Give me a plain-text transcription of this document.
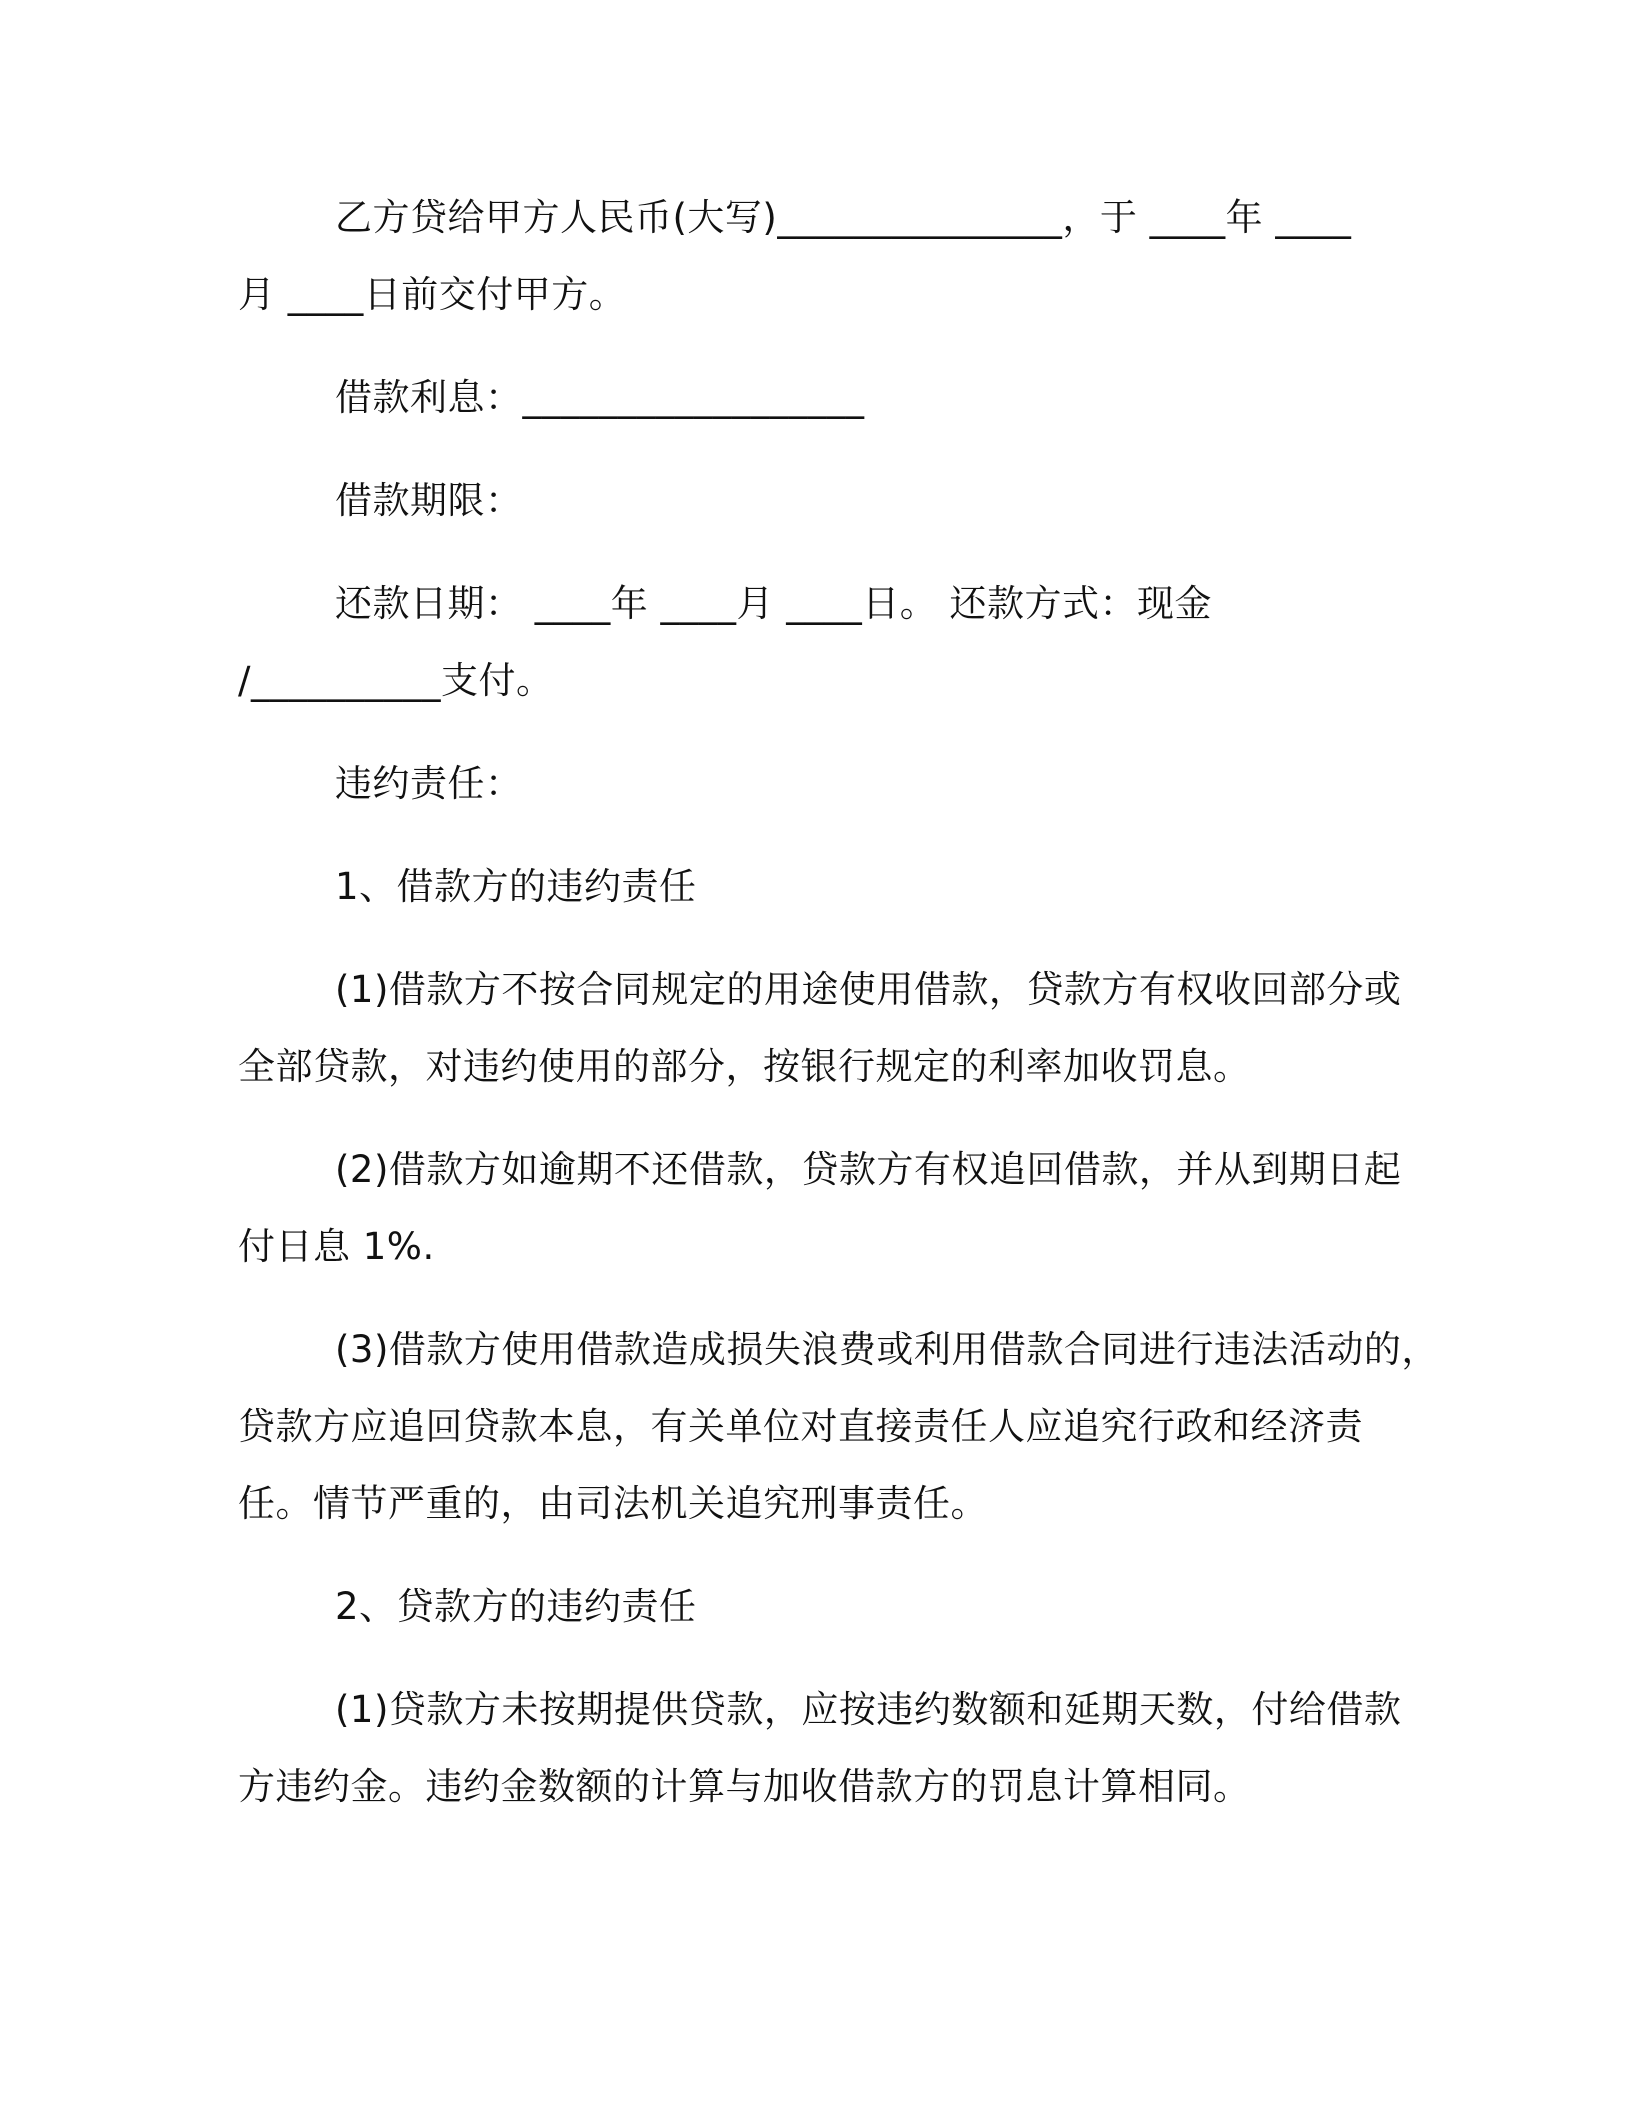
乙方贷给甲方人民币(大写)_______________，于 ____年 ____
月 ____日前交付甲方。
借款利息：__________________
借款期限：
还款日期： ____年 ____月 ____日。 还款方式：现金
/__________支付。
违约责任：
1、借款方的违约责任
(1)借款方不按合同规定的用途使用借款，贷款方有权收回部分或
全部贷款，对违约使用的部分，按银行规定的利率加收罚息。
(2)借款方如逾期不还借款，贷款方有权追回借款，并从到期日起
付日息 1%.
(3)借款方使用借款造成损失浪费或利用借款合同进行违法活动的，
贷款方应追回贷款本息，有关单位对直接责任人应追究行政和经济责
任。情节严重的，由司法机关追究刑事责任。
2、贷款方的违约责任
(1)贷款方未按期提供贷款，应按违约数额和延期天数，付给借款
方违约金。违约金数额的计算与加收借款方的罚息计算相同。
